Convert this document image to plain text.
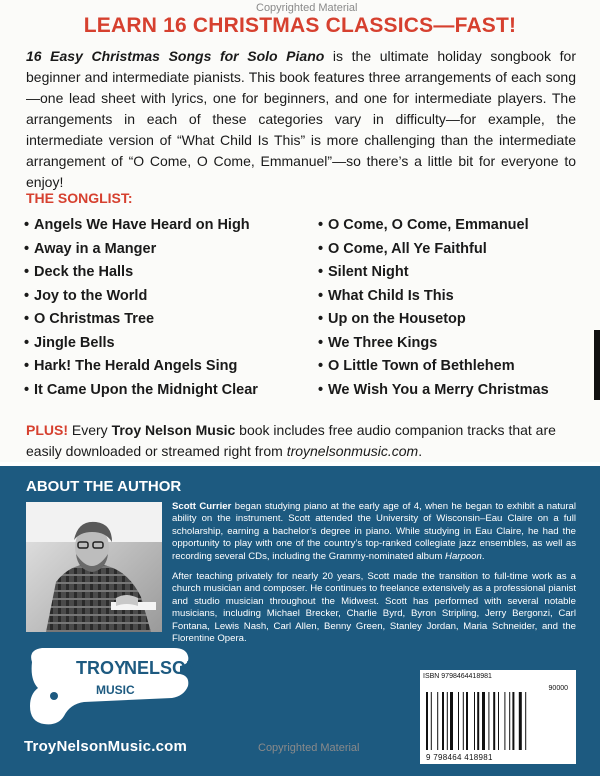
Copyrighted Material
LEARN 16 CHRISTMAS CLASSICS—FAST!
16 Easy Christmas Songs for Solo Piano is the ultimate holiday songbook for beginner and intermediate pianists. This book features three arrangements of each song—one lead sheet with lyrics, one for beginners, and one for intermediate players. The arrangements in each of these categories vary in difficulty—for example, the intermediate version of “What Child Is This” is more challenging than the intermediate arrangement of “O Come, O Come, Emmanuel”—so there’s a little bit for everyone to enjoy!
THE SONGLIST:
• Angels We Have Heard on High
• Away in a Manger
• Deck the Halls
• Joy to the World
• O Christmas Tree
• Jingle Bells
• Hark! The Herald Angels Sing
• It Came Upon the Midnight Clear
• O Come, O Come, Emmanuel
• O Come, All Ye Faithful
• Silent Night
• What Child Is This
• Up on the Housetop
• We Three Kings
• O Little Town of Bethlehem
• We Wish You a Merry Christmas
PLUS! Every Troy Nelson Music book includes free audio companion tracks that are easily downloaded or streamed right from troynelsonmusic.com.
ABOUT THE AUTHOR

Scott Currier began studying piano at the early age of 4, when he began to exhibit a natural ability on the instrument. Scott attended the University of Wisconsin–Eau Claire on a full scholarship, earning a bachelor’s degree in piano. While studying in Eau Claire, he had the opportunity to play with one of the country’s top-ranked collegiate jazz ensembles, as well as recording several CDs, including the Grammy-nominated album Harpoon.

After teaching privately for nearly 20 years, Scott made the transition to full-time work as a church musician and composer. He continues to freelance extensively as a professional pianist and studio musician throughout the Midwest. Scott has performed with several notable musicians, including Michael Brecker, Charlie Byrd, Byron Stripling, Jerry Bergonzi, Carl Fontana, Lewis Nash, Carl Allen, Benny Green, Stanley Jordan, Maria Schneider, and the Florentine Opera.

TROY
NELSON
MUSIC
TroyNelsonMusic.com
ISBN 9798464418981
90000
9 798464 418981
Copyrighted Material
